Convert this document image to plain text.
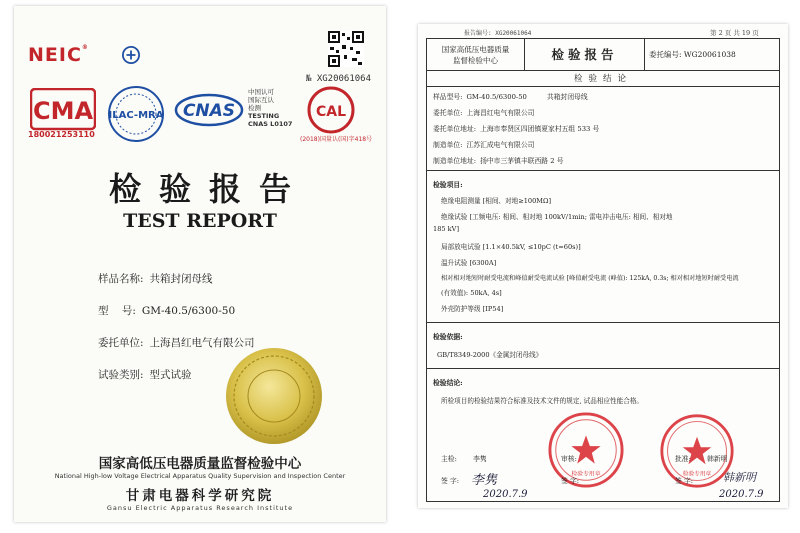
NEIC®
№ XG20061064
CMA
180021253110
ILAC-MRA CNAS
中国认可
国际互认
检测
TESTING
CNAS L0107
CAL
(2018)国量认(国)字418号
检验报告
TEST REPORT
样品名称: 共箱封闭母线
型    号: GM-40.5/6300-50
委托单位: 上海昌红电气有限公司
试验类别: 型式试验
国家高低压电器质量监督检验中心
National High-low Voltage Electrical Apparatus Quality Supervision and Inspection Center
甘肃电器科学研究院
Gansu Electric Apparatus Research Institute
报告编号: XG20061064	第 2 页 共 19 页
国家高低压电器质量
监督检验中心	检验报告	委托编号: WG20061038
检验结论
样品型号: GM-40.5/6300-50	共箱封闭母线
委托单位: 上海昌红电气有限公司
委托单位地址: 上海市奉贤区四团镇夏家村五组 533 号
制造单位: 江苏汇成电气有限公司
制造单位地址: 扬中市三茅镇丰联西路 2 号
检验项目:
绝缘电阻测量 [相间、对地≥100MΩ]
绝缘试验 [工频电压: 相间、相对地 100kV/1min; 雷电冲击电压: 相间、相对地
185 kV]
局部放电试验 [1.1×40.5kV, ≤10pC (t=60s)]
温升试验 [6300A]
相对相对地短时耐受电流和峰值耐受电流试验 [峰值耐受电流 (峰值): 125kA, 0.3s; 相对相对地短时耐受电流
(有效值): 50kA, 4s]
外壳防护等级 [IP54]
检验依据:
GB/T8349-2000《金属封闭母线》
检验结论:
所检项目的检验结果符合标准及技术文件的规定, 试品相应性能合格。
检验专用章	检验专用章
主检: 李隽	审核:	批准: 韩新明
签 字: 李隽	签 字:	签 字:	韩新明
2020.7.9	2020.7.9
